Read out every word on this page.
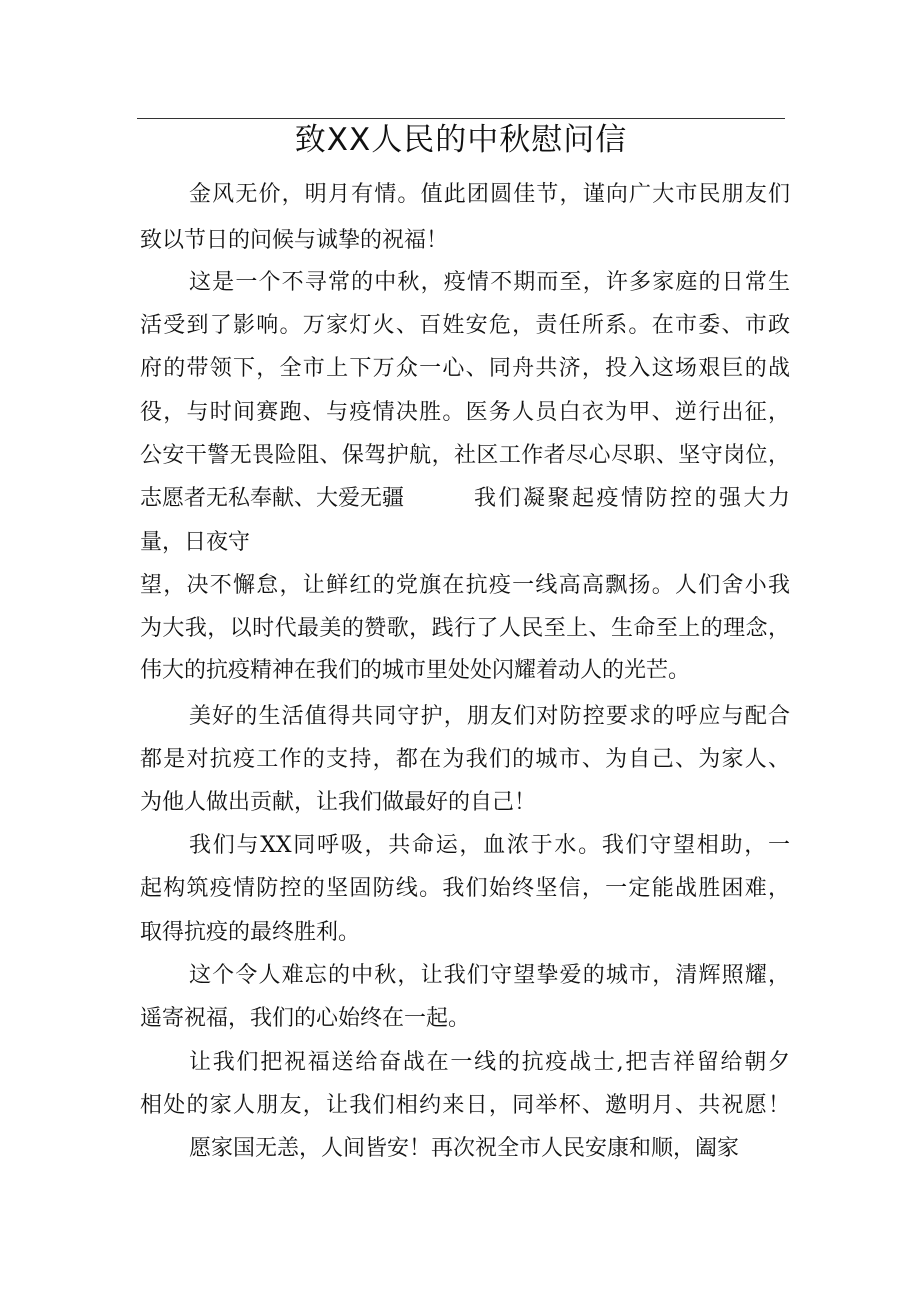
致XX人民的中秋慰问信
金风无价，明月有情。值此团圆佳节，谨向广大市民朋友们
致以节日的问候与诚挚的祝福！
这是一个不寻常的中秋，疫情不期而至，许多家庭的日常生
活受到了影响。万家灯火、百姓安危，责任所系。在市委、市政
府的带领下，全市上下万众一心、同舟共济，投入这场艰巨的战
役，与时间赛跑、与疫情决胜。医务人员白衣为甲、逆行出征，
公安干警无畏险阻、保驾护航，社区工作者尽心尽职、坚守岗位，
志愿者无私奉献、大爱无疆	我们凝聚起疫情防控的强大力
量，日夜守
望，决不懈怠，让鲜红的党旗在抗疫一线高高飘扬。人们舍小我
为大我，以时代最美的赞歌，践行了人民至上、生命至上的理念，
伟大的抗疫精神在我们的城市里处处闪耀着动人的光芒。
美好的生活值得共同守护，朋友们对防控要求的呼应与配合
都是对抗疫工作的支持，都在为我们的城市、为自己、为家人、
为他人做出贡献，让我们做最好的自己！
我们与XX同呼吸，共命运，血浓于水。我们守望相助，一
起构筑疫情防控的坚固防线。我们始终坚信，一定能战胜困难，
取得抗疫的最终胜利。
这个令人难忘的中秋，让我们守望挚爱的城市，清辉照耀，
遥寄祝福，我们的心始终在一起。
让我们把祝福送给奋战在一线的抗疫战士,把吉祥留给朝夕
相处的家人朋友，让我们相约来日，同举杯、邀明月、共祝愿！
愿家国无恙，人间皆安！再次祝全市人民安康和顺，阖家
